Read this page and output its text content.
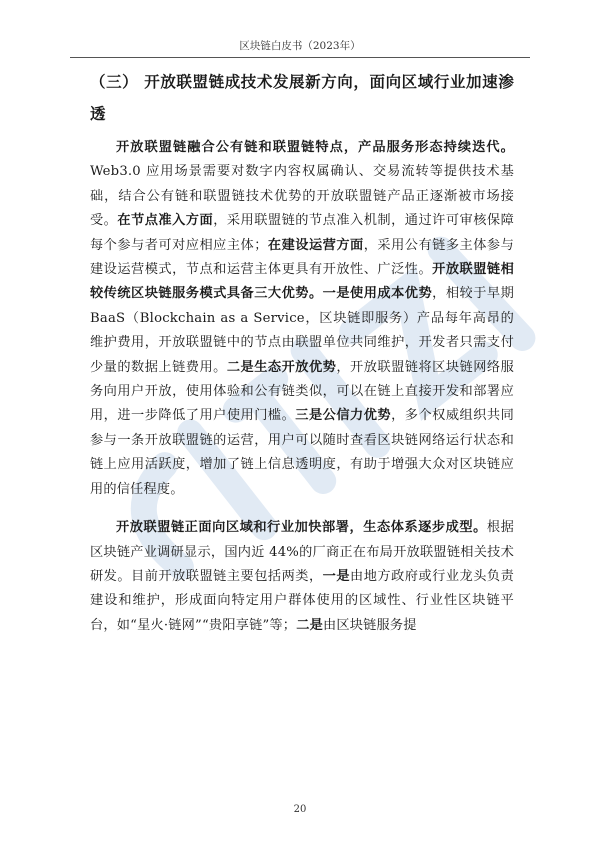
区块链白皮书（2023年）
（三） 开放联盟链成技术发展新方向，面向区域行业加速渗透

开放联盟链融合公有链和联盟链特点，产品服务形态持续迭代。Web3.0 应用场景需要对数字内容权属确认、交易流转等提供技术基础，结合公有链和联盟链技术优势的开放联盟链产品正逐渐被市场接受。在节点准入方面，采用联盟链的节点准入机制，通过许可审核保障每个参与者可对应相应主体；在建设运营方面，采用公有链多主体参与建设运营模式，节点和运营主体更具有开放性、广泛性。开放联盟链相较传统区块链服务模式具备三大优势。一是使用成本优势，相较于早期 BaaS（Blockchain as a Service，区块链即服务）产品每年高昂的维护费用，开放联盟链中的节点由联盟单位共同维护，开发者只需支付少量的数据上链费用。二是生态开放优势，开放联盟链将区块链网络服务向用户开放，使用体验和公有链类似，可以在链上直接开发和部署应用，进一步降低了用户使用门槛。三是公信力优势，多个权威组织共同参与一条开放联盟链的运营，用户可以随时查看区块链网络运行状态和链上应用活跃度，增加了链上信息透明度，有助于增强大众对区块链应用的信任程度。

开放联盟链正面向区域和行业加快部署，生态体系逐步成型。根据区块链产业调研显示，国内近 44%的厂商正在布局开放联盟链相关技术研发。目前开放联盟链主要包括两类，一是由地方政府或行业龙头负责建设和维护，形成面向特定用户群体使用的区域性、行业性区块链平台，如“星火·链网”“贵阳享链”等；二是由区块链服务提

20
